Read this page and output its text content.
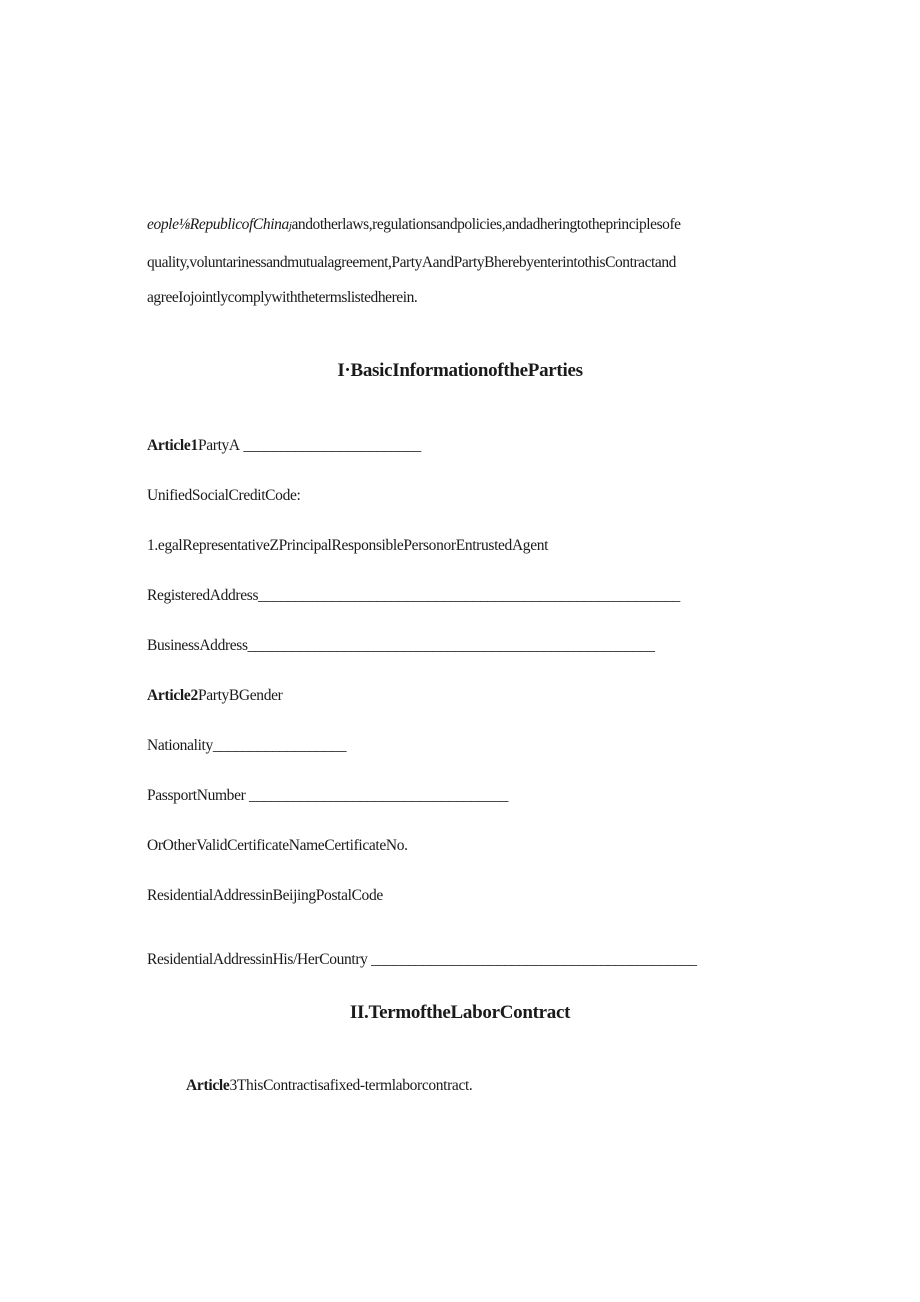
eople⅛RepublicofChinajandotherlaws,regulationsandpolicies,andadheringtotheprinciplesofe
quality,voluntarinessandmutualagreement,PartyAandPartyBherebyenterintothisContractand
agreeIojointlycomplywiththetermslistedherein.
I·BasicInformationoftheParties
Article1PartyA ________________________
UnifiedSocialCreditCode:
1.egalRepresentativeZPrincipalResponsiblePersonorEntrustedAgent
RegisteredAddress_________________________________________________________
BusinessAddress_______________________________________________________
Article2PartyBGender
Nationality__________________
PassportNumber ___________________________________
OrOtherValidCertificateNameCertificateNo.
ResidentialAddressinBeijingPostalCode
ResidentialAddressinHis/HerCountry ____________________________________________
II.TermoftheLaborContract
Article3ThisContractisafixed-termlaborcontract.
